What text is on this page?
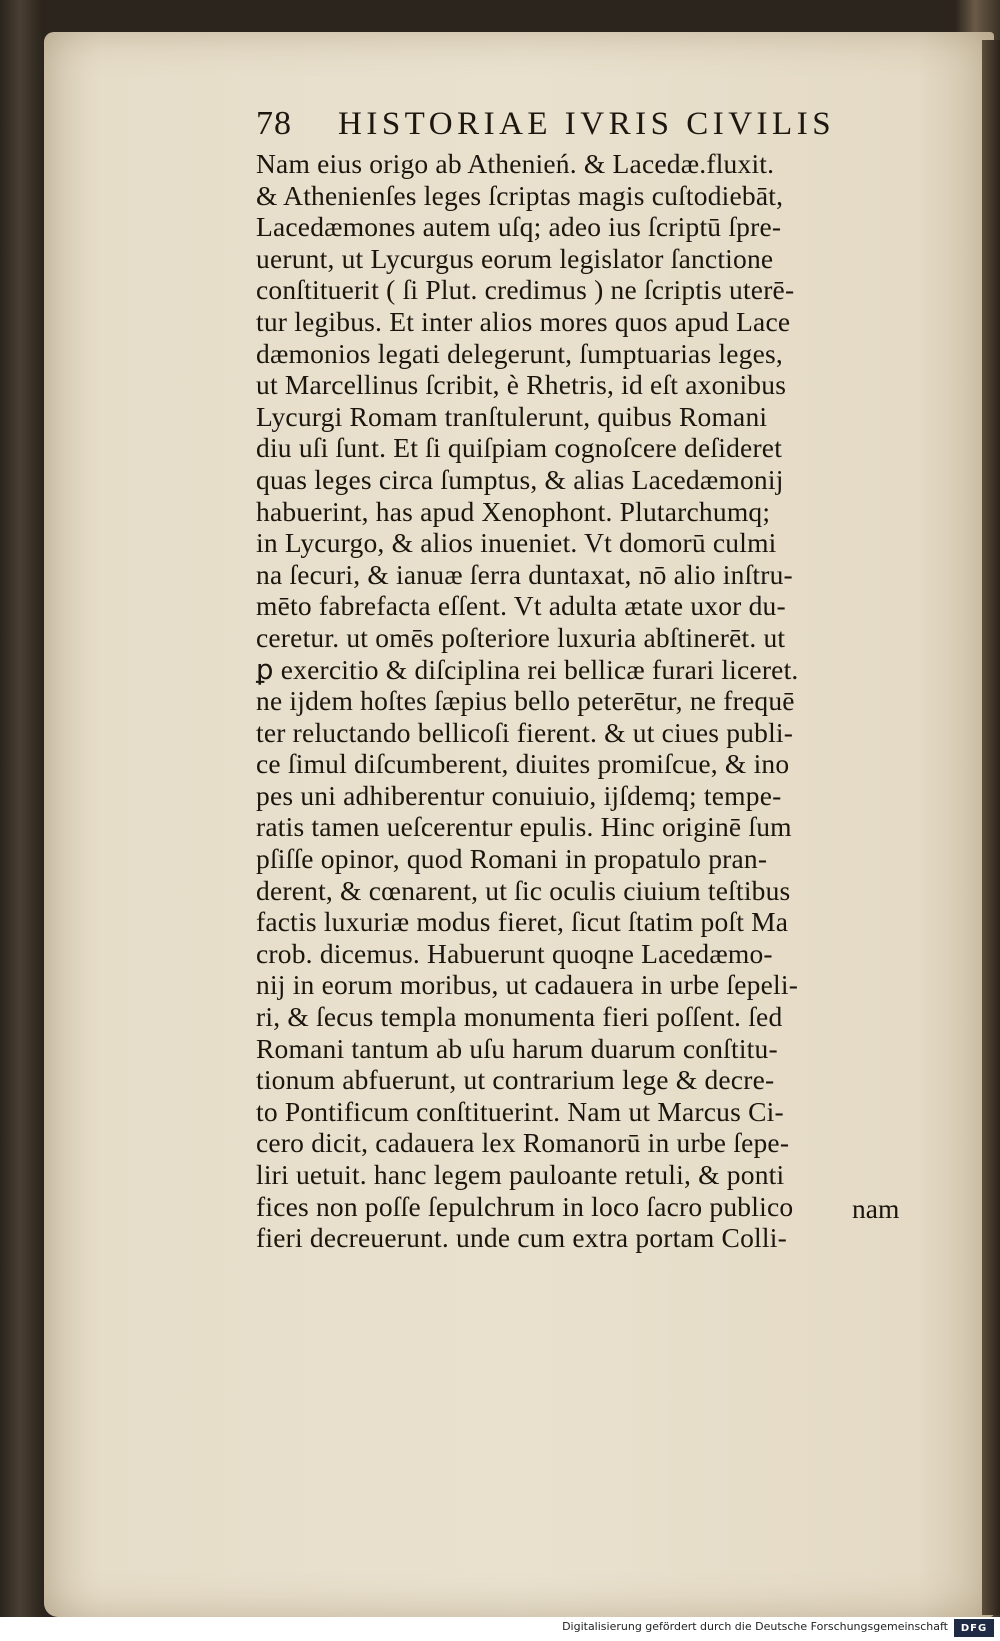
78 HISTORIAE IVRIS CIVILIS
Nam eius origo ab Athenień. & Lacedæ.fluxit.
& Athenienſes leges ſcriptas magis cuſtodiebāt,
Lacedæmones autem uſq; adeo ius ſcriptū ſpre-
uerunt, ut Lycurgus eorum legislator ſanctione
conſtituerit ( ſi Plut. credimus ) ne ſcriptis uterē-
tur legibus. Et inter alios mores quos apud Lace
dæmonios legati delegerunt, ſumptuarias leges,
ut Marcellinus ſcribit, è Rhetris, id eſt axonibus
Lycurgi Romam tranſtulerunt, quibus Romani
diu uſi ſunt. Et ſi quiſpiam cognoſcere deſideret
quas leges circa ſumptus, & alias Lacedæmonij
habuerint, has apud Xenophont. Plutarchumq;
in Lycurgo, & alios inueniet. Vt domorū culmi
na ſecuri, & ianuæ ſerra duntaxat, nō alio inſtru-
mēto fabrefacta eſſent. Vt adulta ætate uxor du-
ceretur. ut omēs poſteriore luxuria abſtinerēt. ut
ꝑ exercitio & diſciplina rei bellicæ furari liceret.
ne ijdem hoſtes ſæpius bello peterētur, ne frequē
ter reluctando bellicoſi fierent. & ut ciues publi-
ce ſimul diſcumberent, diuites promiſcue, & ino
pes uni adhiberentur conuiuio, ijſdemq; tempe-
ratis tamen ueſcerentur epulis. Hinc originē ſum
pſiſſe opinor, quod Romani in propatulo pran-
derent, & cœnarent, ut ſic oculis ciuium teſtibus
factis luxuriæ modus fieret, ſicut ſtatim poſt Ma
crob. dicemus. Habuerunt quoqne Lacedæmo-
nij in eorum moribus, ut cadauera in urbe ſepeli-
ri, & ſecus templa monumenta fieri poſſent. ſed
Romani tantum ab uſu harum duarum conſtitu-
tionum abfuerunt, ut contrarium lege & decre-
to Pontificum conſtituerint. Nam ut Marcus Ci-
cero dicit, cadauera lex Romanorū in urbe ſepe-
liri uetuit. hanc legem pauloante retuli, & ponti
fices non poſſe ſepulchrum in loco ſacro publico
fieri decreuerunt. unde cum extra portam Colli-
nam
Digitalisierung gefördert durch die Deutsche Forschungsgemeinschaft	DFG
